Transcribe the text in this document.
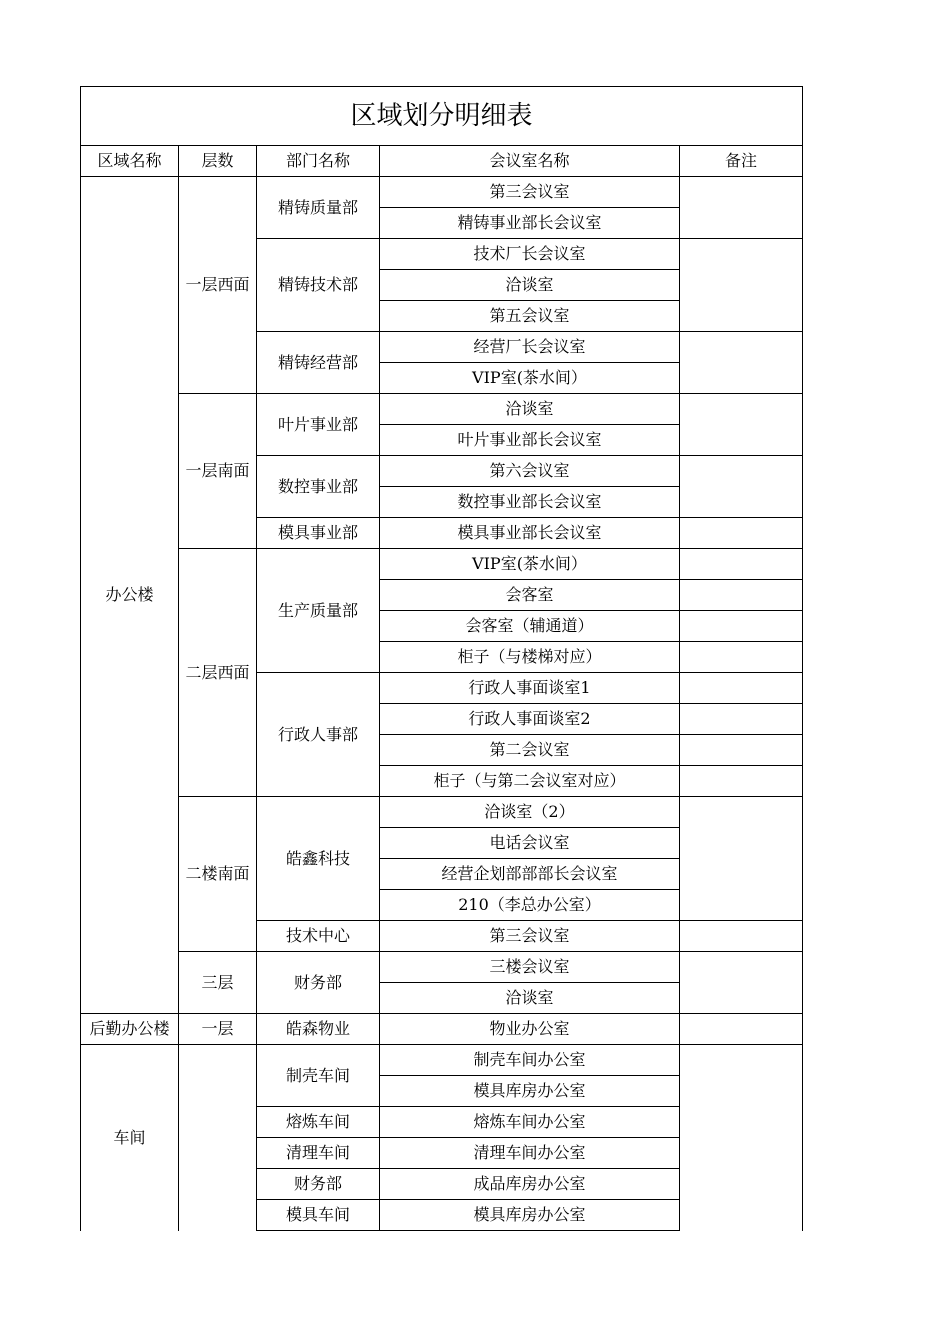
区域划分明细表				
区域名称	层数	部门名称	会议室名称	备注
办公楼	一层西面	精铸质量部	第三会议室	
			精铸事业部长会议室	
		精铸技术部	技术厂长会议室	
			洽谈室	
			第五会议室	
		精铸经营部	经营厂长会议室	
			VIP室(茶水间）	
	一层南面	叶片事业部	洽谈室	
			叶片事业部长会议室	
		数控事业部	第六会议室	
			数控事业部长会议室	
		模具事业部	模具事业部长会议室	
	二层西面	生产质量部	VIP室(茶水间）	
			会客室	
			会客室（辅通道）	
			柜子（与楼梯对应）	
		行政人事部	行政人事面谈室1	
			行政人事面谈室2	
			第二会议室	
			柜子（与第二会议室对应）	
	二楼南面	皓鑫科技	洽谈室（2）	
			电话会议室	
			经营企划部部部长会议室	
			210（李总办公室）	
		技术中心	第三会议室	
	三层	财务部	三楼会议室	
			洽谈室	
后勤办公楼	一层	皓森物业	物业办公室	
车间		制壳车间	制壳车间办公室	
			模具库房办公室	
		熔炼车间	熔炼车间办公室	
		清理车间	清理车间办公室	
		财务部	成品库房办公室	
		模具车间	模具库房办公室	
